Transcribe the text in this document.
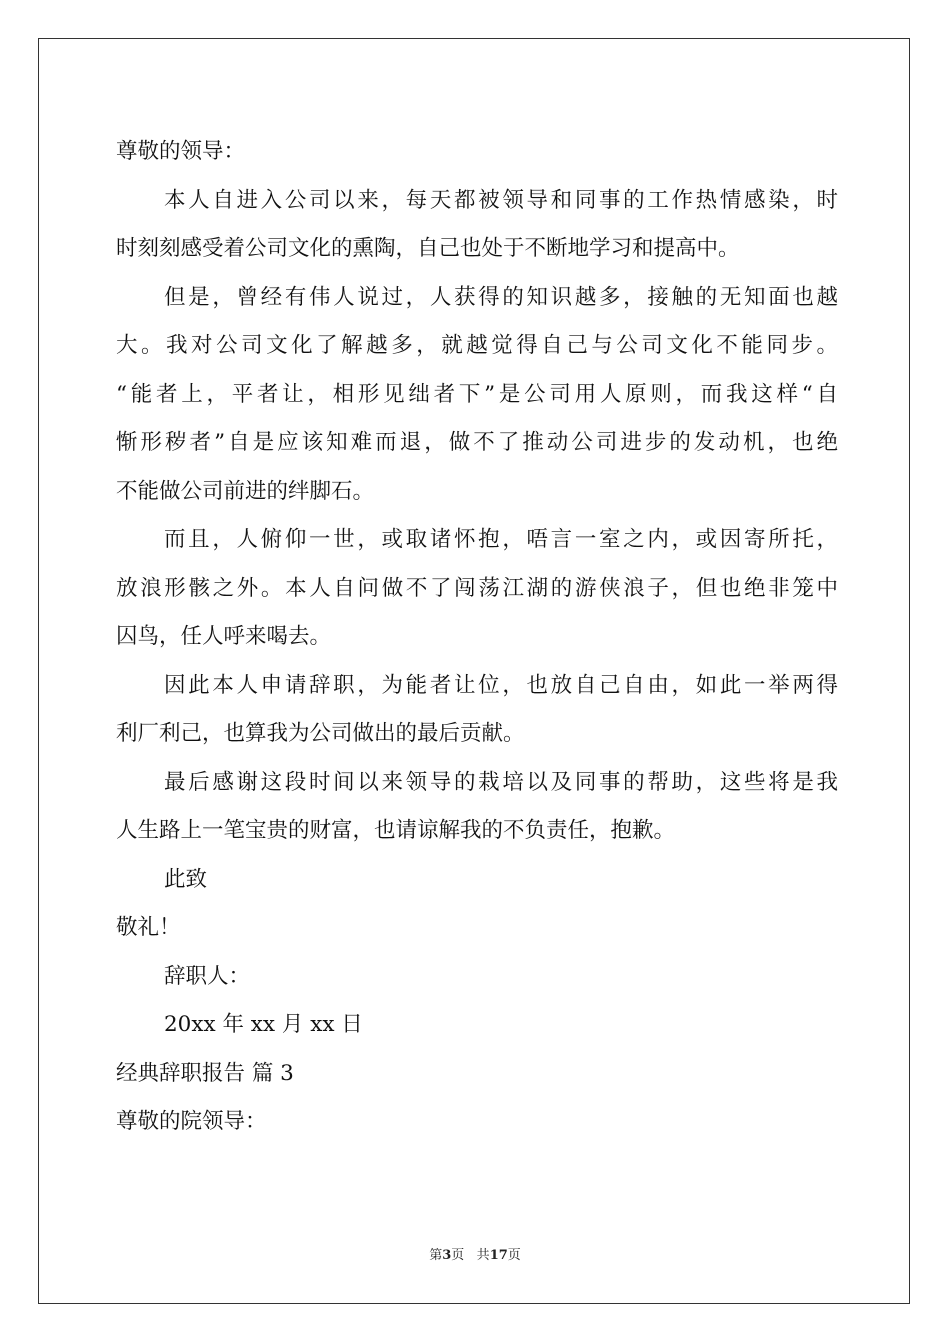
尊敬的领导：
本人自进入公司以来，每天都被领导和同事的工作热情感染，时
时刻刻感受着公司文化的熏陶，自己也处于不断地学习和提高中。
但是，曾经有伟人说过，人获得的知识越多，接触的无知面也越
大。我对公司文化了解越多，就越觉得自己与公司文化不能同步。
“能者上，平者让，相形见绌者下”是公司用人原则，而我这样“自
惭形秽者”自是应该知难而退，做不了推动公司进步的发动机，也绝
不能做公司前进的绊脚石。
而且，人俯仰一世，或取诸怀抱，唔言一室之内，或因寄所托，
放浪形骸之外。本人自问做不了闯荡江湖的游侠浪子，但也绝非笼中
囚鸟，任人呼来喝去。
因此本人申请辞职，为能者让位，也放自己自由，如此一举两得
利厂利己，也算我为公司做出的最后贡献。
最后感谢这段时间以来领导的栽培以及同事的帮助，这些将是我
人生路上一笔宝贵的财富，也请谅解我的不负责任，抱歉。
此致
敬礼！
辞职人：
20xx 年 xx 月 xx 日
经典辞职报告 篇 3
尊敬的院领导：
第3页 共17页
